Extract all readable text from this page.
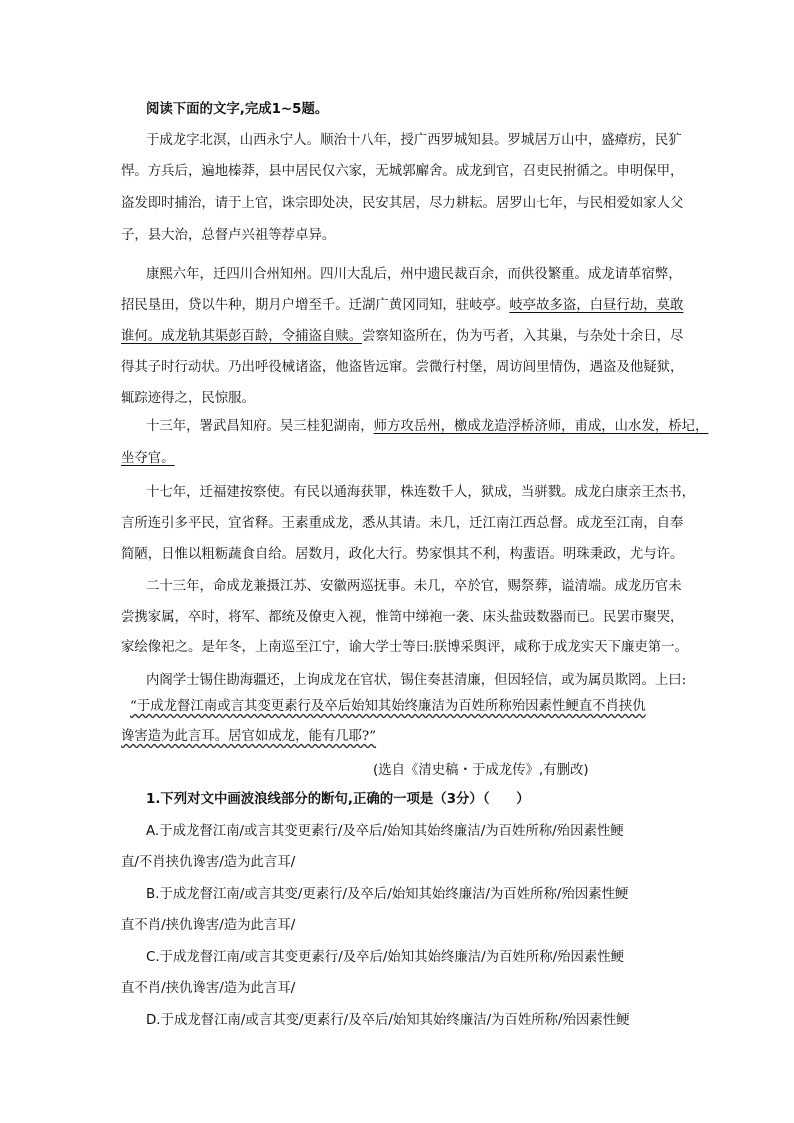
阅读下面的文字,完成1~5题。
于成龙字北溟，山西永宁人。顺治十八年，授广西罗城知县。罗城居万山中，盛瘴疠，民犷
悍。方兵后，遍地榛莽，县中居民仅六家，无城郭廨舍。成龙到官，召吏民拊循之。申明保甲，
盗发即时捕治，请于上官，诛宗即处决，民安其居，尽力耕耘。居罗山七年，与民相爱如家人父
子，县大治，总督卢兴祖等荐卓异。
康熙六年，迁四川合州知州。四川大乱后，州中遗民裁百余，而供役繁重。成龙请革宿弊，
招民垦田，贷以牛种，期月户增至千。迁湖广黄冈同知，驻岐亭。岐亭故多盗，白昼行劫，莫敢
谁何。成龙轨其渠彭百龄，令捕盗自赎。尝察知盗所在，伪为丐者，入其巢，与杂处十余日，尽
得其子时行动状。乃出呼役械诸盗，他盗皆远窜。尝微行村堡，周访闾里情伪，遇盗及他疑狱，
辄踪迹得之，民惊服。
十三年，署武昌知府。吴三桂犯湖南，师方攻岳州，檄成龙造浮桥济师，甫成，山水发，桥圮，
坐夺官。
十七年，迁福建按察使。有民以通海获罪，株连数千人，狱成，当骈戮。成龙白康亲王杰书，
言所连引多平民，宜省释。王素重成龙，悉从其请。未几，迁江南江西总督。成龙至江南，自奉
简陋，日惟以粗粝蔬食自给。居数月，政化大行。势家惧其不利，构蜚语。明珠秉政，尤与许。
二十三年，命成龙兼摄江苏、安徽两巡抚事。未几，卒於官，赐祭葬，谥清端。成龙历官未
尝携家属，卒时，将军、都统及僚吏入视，惟笥中绨袍一袭、床头盐豉数器而已。民罢市聚哭，
家绘像祀之。是年冬，上南巡至江宁，谕大学士等曰:朕博采舆评，咸称于成龙实天下廉吏第一。
内阁学士锡住勘海疆还，上询成龙在官状，锡住奏甚清廉，但因轻信，或为属员欺罔。上曰:
“于成龙督江南或言其变更素行及卒后始知其始终廉洁为百姓所称殆因素性鲠直不肖挟仇
谗害造为此言耳。居官如成龙，能有几耶?”
(选自《清史稿・于成龙传》,有删改)
1.下列对文中画波浪线部分的断句,正确的一项是（3分）（　　）
A.于成龙督江南/或言其变更素行/及卒后/始知其始终廉洁/为百姓所称/殆因素性鲠
直/不肖挟仇谗害/造为此言耳/
B.于成龙督江南/或言其变/更素行/及卒后/始知其始终廉洁/为百姓所称/殆因素性鲠
直不肖/挟仇谗害/造为此言耳/
C.于成龙督江南/或言其变更素行/及卒后/始知其始终廉洁/为百姓所称/殆因素性鲠
直不肖/挟仇谗害/造为此言耳/
D.于成龙督江南/或言其变/更素行/及卒后/始知其始终廉洁/为百姓所称/殆因素性鲠
